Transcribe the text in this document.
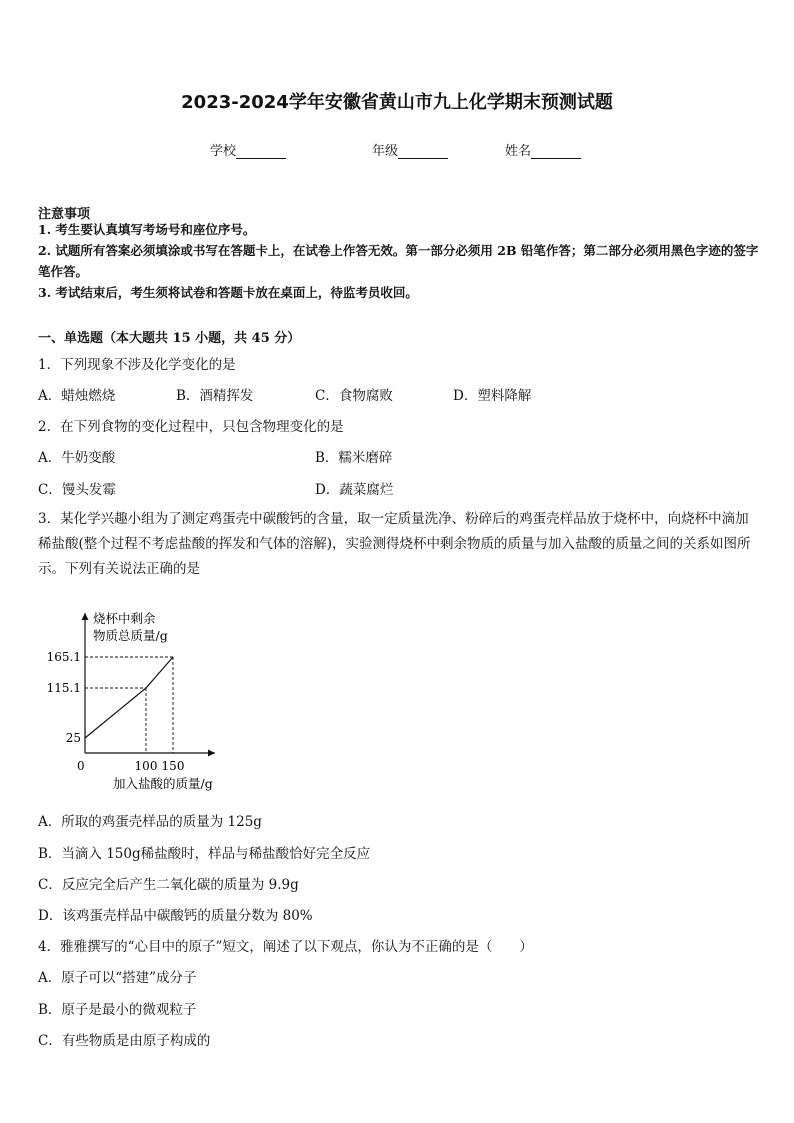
2023-2024学年安徽省黄山市九上化学期末预测试题
学校	年级	姓名
注意事项
1. 考生要认真填写考场号和座位序号。
2. 试题所有答案必须填涂或书写在答题卡上，在试卷上作答无效。第一部分必须用 2B 铅笔作答；第二部分必须用黑色字迹的签字笔作答。
3. 考试结束后，考生须将试卷和答题卡放在桌面上，待监考员收回。
一、单选题（本大题共 15 小题，共 45 分）
1．下列现象不涉及化学变化的是
A．蜡烛燃烧	B．酒精挥发	C．食物腐败	D．塑料降解
2．在下列食物的变化过程中，只包含物理变化的是
A．牛奶变酸	B．糯米磨碎
C．馒头发霉	D．蔬菜腐烂
3．某化学兴趣小组为了测定鸡蛋壳中碳酸钙的含量，取一定质量洗净、粉碎后的鸡蛋壳样品放于烧杯中，向烧杯中滴加稀盐酸(整个过程不考虑盐酸的挥发和气体的溶解)，实验测得烧杯中剩余物质的质量与加入盐酸的质量之间的关系如图所示。下列有关说法正确的是
烧杯中剩余
物质总质量/g
加入盐酸的质量/g
0
25
115.1
165.1
100 150
A．所取的鸡蛋壳样品的质量为 125g
B．当滴入 150g稀盐酸时，样品与稀盐酸恰好完全反应
C．反应完全后产生二氧化碳的质量为 9.9g
D．该鸡蛋壳样品中碳酸钙的质量分数为 80%
4．雅雅撰写的“心目中的原子”短文，阐述了以下观点，你认为不正确的是（　　）
A．原子可以“搭建”成分子
B．原子是最小的微观粒子
C．有些物质是由原子构成的
